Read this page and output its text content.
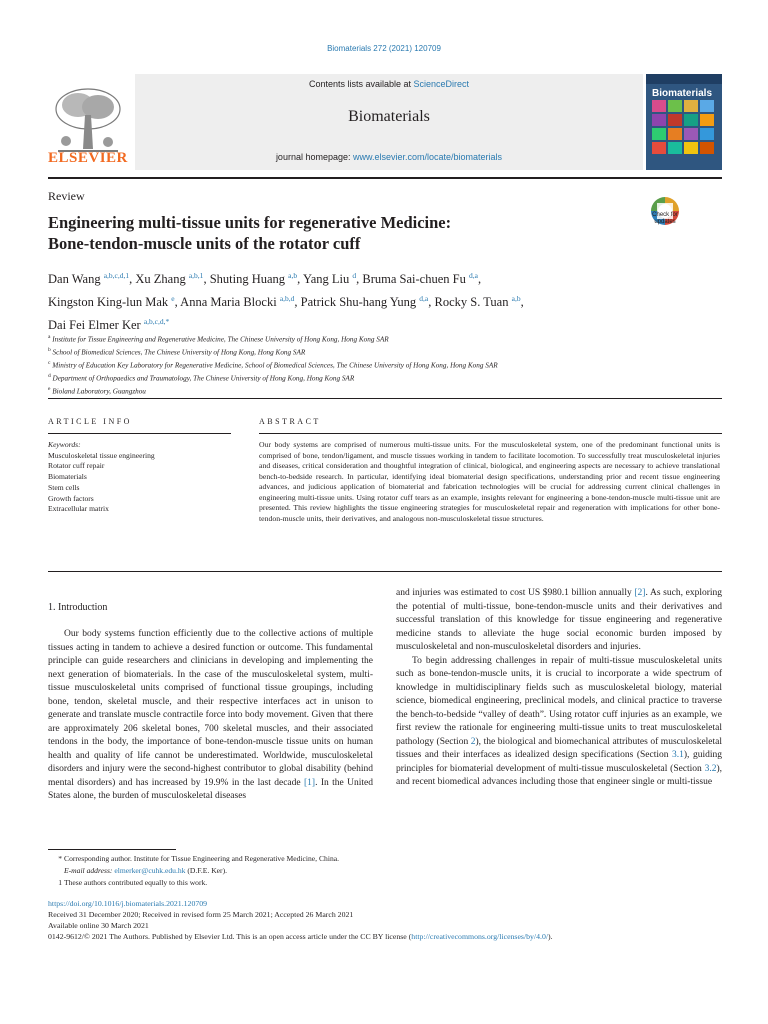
Biomaterials 272 (2021) 120709
Contents lists available at ScienceDirect
Biomaterials
journal homepage: www.elsevier.com/locate/biomaterials
ELSEVIER
Biomaterials
Review
Engineering multi-tissue units for regenerative Medicine:
Bone-tendon-muscle units of the rotator cuff
Check for updates
Dan Wang $^{a,b,c,d,1}$, Xu Zhang $^{a,b,1}$, Shuting Huang $^{a,b}$, Yang Liu $^d$, Bruma Sai-chuen Fu $^{d,a}$,
Kingston King-lun Mak $^e$, Anna Maria Blocki $^{a,b,d}$, Patrick Shu-hang Yung $^{d,a}$, Rocky S. Tuan $^{a,b}$,
Dai Fei Elmer Ker $^{a,b,c,d,*}$
$^a$ Institute for Tissue Engineering and Regenerative Medicine, The Chinese University of Hong Kong, Hong Kong SAR
$^b$ School of Biomedical Sciences, The Chinese University of Hong Kong, Hong Kong SAR
$^c$ Ministry of Education Key Laboratory for Regenerative Medicine, School of Biomedical Sciences, The Chinese University of Hong Kong, Hong Kong SAR
$^d$ Department of Orthopaedics and Traumatology, The Chinese University of Hong Kong, Hong Kong SAR
$^e$ Bioland Laboratory, Guangzhou
ARTICLE INFO
Keywords:
Musculoskeletal tissue engineering
Rotator cuff repair
Biomaterials
Stem cells
Growth factors
Extracellular matrix
ABSTRACT
Our body systems are comprised of numerous multi-tissue units. For the musculoskeletal system, one of the predominant functional units is comprised of bone, tendon/ligament, and muscle tissues working in tandem to facilitate locomotion. To successfully treat musculoskeletal injuries and diseases, critical consideration and thoughtful integration of clinical, biological, and engineering aspects are necessary to achieve translational bench-to-bedside research. In particular, identifying ideal biomaterial design specifications, understanding prior and recent tissue engineering advances, and judicious application of biomaterial and fabrication technologies will be crucial for addressing current clinical challenges in engineering multi-tissue units. Using rotator cuff tears as an example, insights relevant for engineering a bone-tendon-muscle multi-tissue unit are presented. This review highlights the tissue engineering strategies for musculoskeletal repair and regeneration with implications for other bone-tendon-muscle units, their derivatives, and analogous non-musculoskeletal tissue structures.
1. Introduction

Our body systems function efficiently due to the collective actions of multiple tissues acting in tandem to achieve a desired function or outcome. This fundamental principle can guide researchers and clinicians in developing and implementing the next generation of biomaterials. In the case of the musculoskeletal system, multi-tissue musculoskeletal units comprised of functional tissue groupings, including bone, tendon, skeletal muscle, and their respective interfaces act in unison to generate and translate muscle contractile force into body movement. Given that there are approximately 206 skeletal bones, 700 skeletal muscles, and their associated tendons in the body, the importance of bone-tendon-muscle tissue units on human health and quality of life cannot be underestimated. Worldwide, musculoskeletal disorders and injury were the second-highest contributor to global disability (behind mental disorders) and has increased by 19.9% in the last decade [1]. In the United States alone, the burden of musculoskeletal diseases

and injuries was estimated to cost US $980.1 billion annually [2]. As such, exploring the potential of multi-tissue, bone-tendon-muscle units and their derivatives and successful translation of this knowledge for tissue engineering and regenerative medicine stands to alleviate the huge social economic burden imposed by musculoskeletal and non-musculoskeletal disorders and injuries.

To begin addressing challenges in repair of multi-tissue musculoskeletal units such as bone-tendon-muscle units, it is crucial to incorporate a wide spectrum of knowledge in multidisciplinary fields such as musculoskeletal biology, material science, biomedical engineering, preclinical models, and clinical practice to traverse the bench-to-bedside “valley of death”. Using rotator cuff injuries as an example, we first review the rationale for engineering multi-tissue units to treat musculoskeletal pathology (Section 2), the biological and biomechanical attributes of musculoskeletal tissues and their interfaces as idealized design specifications (Section 3.1), guiding principles for biomaterial development of multi-tissue musculoskeletal (Section 3.2), and recent biomedical advances including those that engineer single or multi-tissue

* Corresponding author. Institute for Tissue Engineering and Regenerative Medicine, China.
E-mail address: elmerker@cuhk.edu.hk (D.F.E. Ker).
1 These authors contributed equally to this work.
https://doi.org/10.1016/j.biomaterials.2021.120709
Received 31 December 2020; Received in revised form 25 March 2021; Accepted 26 March 2021
Available online 30 March 2021
0142-9612/© 2021 The Authors. Published by Elsevier Ltd. This is an open access article under the CC BY license (http://creativecommons.org/licenses/by/4.0/).
